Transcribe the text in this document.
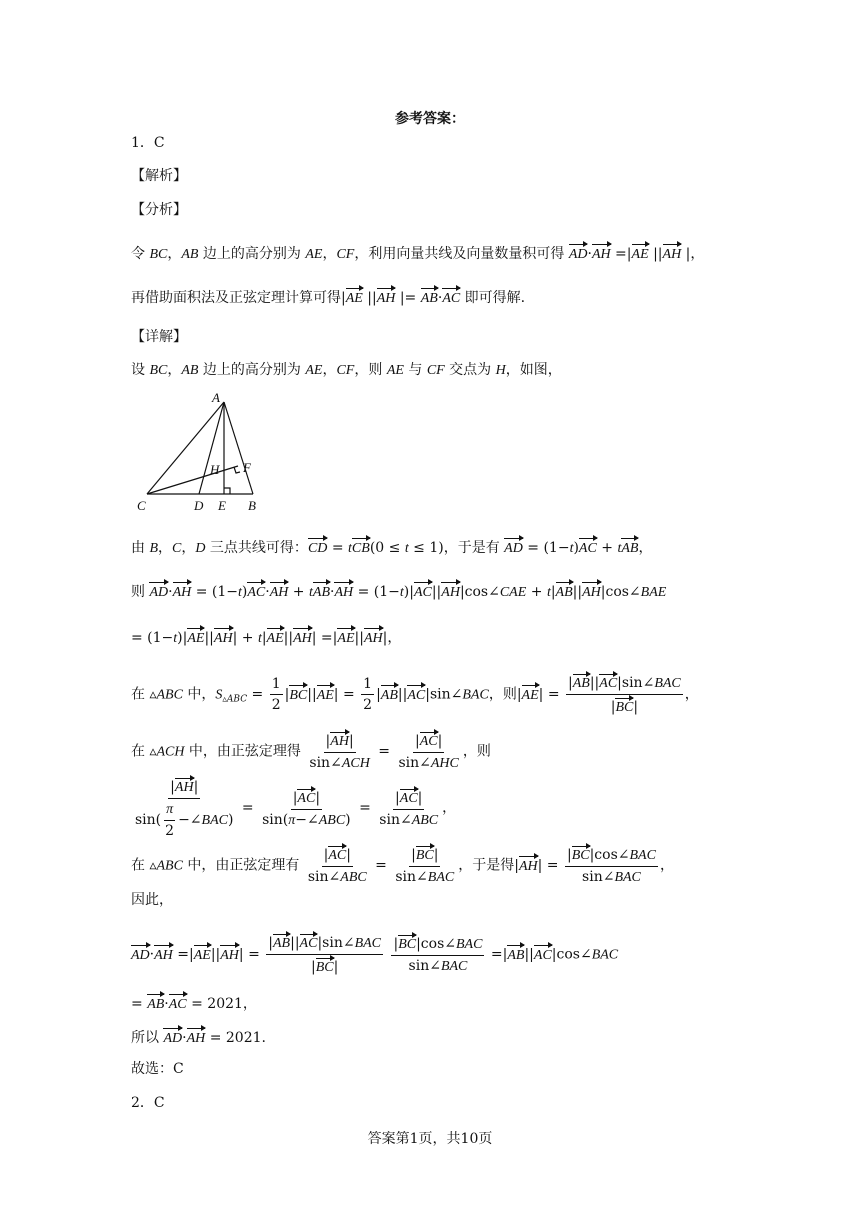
参考答案：
1．C
【解析】
【分析】
令 BC，AB 边上的高分别为 AE，CF，利用向量共线及向量数量积可得 AD·AH =|AE ||AH |，
再借助面积法及正弦定理计算可得|AE ||AH |= AB·AC 即可得解.
【详解】
设 BC，AB 边上的高分别为 AE，CF，则 AE 与 CF 交点为 H，如图，
A
B
C	D E
F
H
由 B，C，D 三点共线可得：CD = tCB(0 ≤ t ≤ 1)，于是有 AD = (1−t)AC + tAB，
则 AD·AH = (1−t)AC·AH + tAB·AH = (1−t)|AC||AH|cos∠CAE + t|AB||AH|cos∠BAE
= (1−t)|AE||AH| + t|AE||AH| =|AE||AH|，
在 ▵ABC 中，$S_{▵ABC} = \frac{1}{2} |BC||AE| = \frac{1}{2}$ |AB||AC|sin∠BAC，则$|AE| = \frac{\text{|AB||AC|sin∠BAC}}{|BC|}$ ，
在 ▵ACH 中，由正弦定理得 $\frac{|AH|}{\text{sin∠ACH}} = \frac{|AC|}{\text{sin∠AHC}}$ ，则
$\frac{|AH|}{\sin( \frac{\pi}{2} -\angle BAC)} = \frac{|AC|}{\text{sin(π−∠ABC)}} = \frac{|AC|}{\text{sin∠ABC}}$ ，
在 ▵ABC 中，由正弦定理有 $\frac{|AC|}{\text{sin∠ABC}} = \frac{|BC|}{\text{sin∠BAC}}$ ，于是得$|AH| = \frac{\text{|BC|cos∠BAC}}{\text{sin∠BAC}}$ ，
因此，
$AD\cdot AH =|AE||AH| = \frac{\text{|AB||AC|sin∠BAC}}{|BC|}$
$\frac{\text{|BC|cos∠BAC}}{\text{sin∠BAC}}$ =|AB||AC|cos∠BAC
= AB·AC = 2021，
所以 AD·AH = 2021.
故选：C
2．C
答案第1页，共10页
